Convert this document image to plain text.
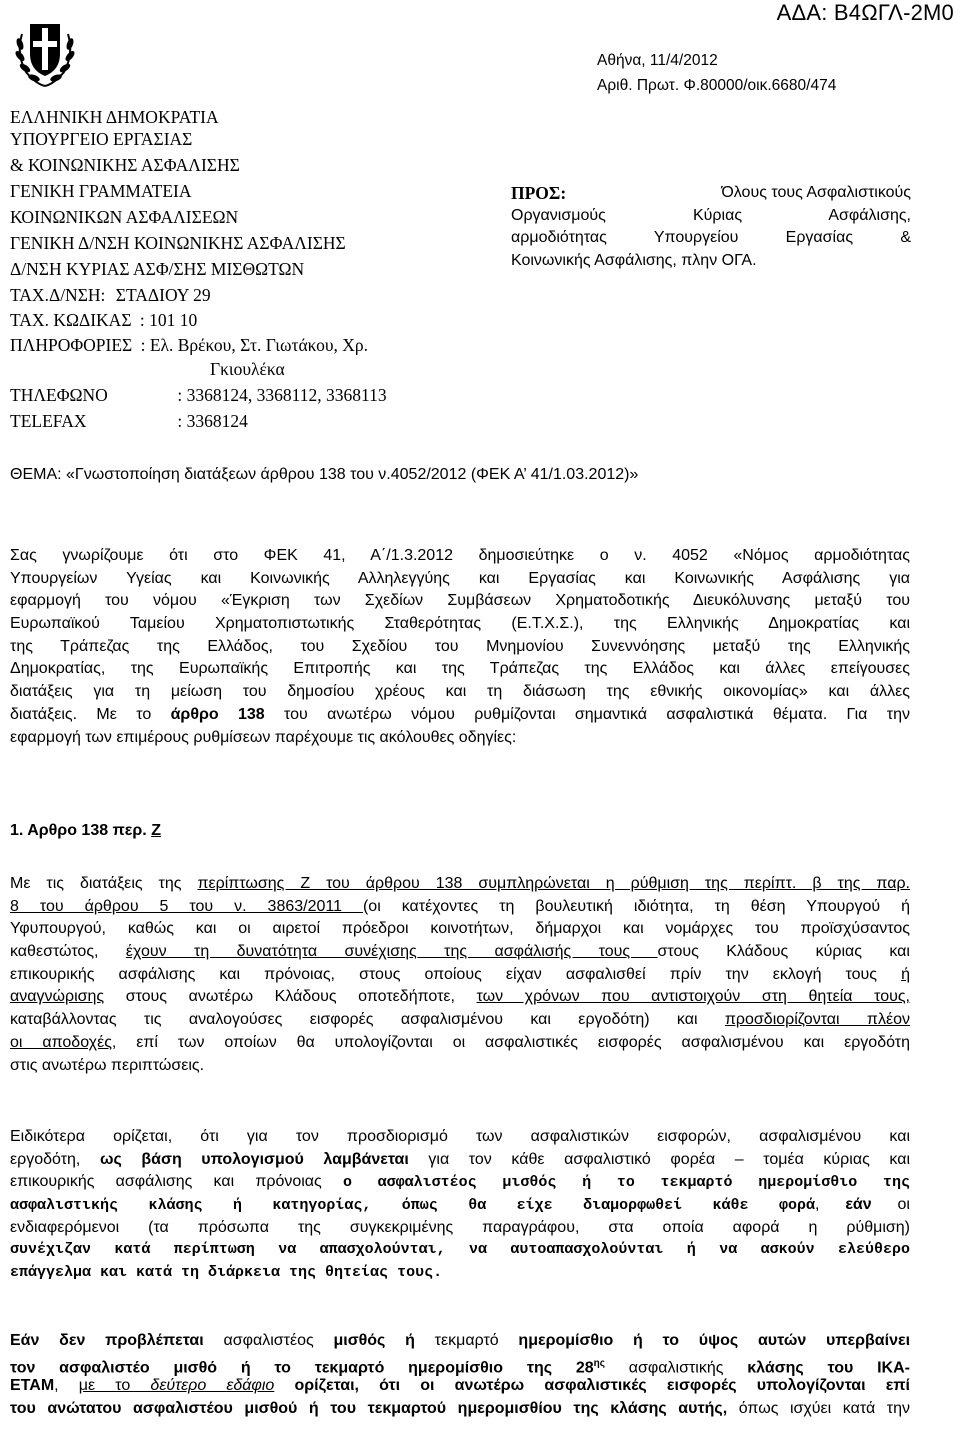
ΑΔΑ: Β4ΩΓΛ-2Μ0
ΕΛΛΗΝΙΚΗ ΔΗΜΟΚΡΑΤΙΑ
ΥΠΟΥΡΓΕΙΟ ΕΡΓΑΣΙΑΣ
& ΚΟΙΝΩΝΙΚΗΣ ΑΣΦΑΛΙΣΗΣ
ΓΕΝΙΚΗ ΓΡΑΜΜΑΤΕΙΑ
ΚΟΙΝΩΝΙΚΩΝ ΑΣΦΑΛΙΣΕΩΝ
ΓΕΝΙΚΗ Δ/ΝΣΗ ΚΟΙΝΩΝΙΚΗΣ ΑΣΦΑΛΙΣΗΣ
Δ/ΝΣΗ ΚΥΡΙΑΣ ΑΣΦ/ΣΗΣ ΜΙΣΘΩΤΩΝ
ΤΑΧ.Δ/ΝΣΗ: ΣΤΑΔΙΟΥ 29
ΤΑΧ. ΚΩΔΙΚΑΣ : 101 10
ΠΛΗΡΟΦΟΡΙΕΣ : Ελ. Βρέκου, Στ. Γιωτάκου, Χρ.
Γκιουλέκα
ΤΗΛΕΦΩΝΟ	: 3368124, 3368112, 3368113
TELEFAX	: 3368124
Αθήνα, 11/4/2012
Αριθ. Πρωτ. Φ.80000/οικ.6680/474
ΠΡΟΣ:	Όλους τους Ασφαλιστικούς
Οργανισμούς Κύριας Ασφάλισης,
αρμοδιότητας Υπουργείου Εργασίας &
Κοινωνικής Ασφάλισης, πλην ΟΓΑ.
ΘΕΜΑ: «Γνωστοποίηση διατάξεων άρθρου 138 του ν.4052/2012 (ΦΕΚ Α’ 41/1.03.2012)»
Σας γνωρίζουμε ότι στο ΦΕΚ 41, Α΄/1.3.2012 δημοσιεύτηκε ο ν. 4052 «Νόμος αρμοδιότητας
Υπουργείων Υγείας και Κοινωνικής Αλληλεγγύης και Εργασίας και Κοινωνικής Ασφάλισης για
εφαρμογή του νόμου «Έγκριση των Σχεδίων Συμβάσεων Χρηματοδοτικής Διευκόλυνσης μεταξύ του
Ευρωπαϊκού Ταμείου Χρηματοπιστωτικής Σταθερότητας (Ε.Τ.Χ.Σ.), της Ελληνικής Δημοκρατίας και
της Τράπεζας της Ελλάδος, του Σχεδίου του Μνημονίου Συνεννόησης μεταξύ της Ελληνικής
Δημοκρατίας, της Ευρωπαϊκής Επιτροπής και της Τράπεζας της Ελλάδος και άλλες επείγουσες
διατάξεις για τη μείωση του δημοσίου χρέους και τη διάσωση της εθνικής οικονομίας» και άλλες
διατάξεις. Με το άρθρο 138 του ανωτέρω νόμου ρυθμίζονται σημαντικά ασφαλιστικά θέματα. Για την
εφαρμογή των επιμέρους ρυθμίσεων παρέχουμε τις ακόλουθες οδηγίες:
1. Αρθρο 138 περ. Ζ
Με τις διατάξεις της περίπτωσης Ζ του άρθρου 138 συμπληρώνεται η ρύθμιση της περίπτ. β της παρ.
8 του άρθρου 5 του ν. 3863/2011 (οι κατέχοντες τη βουλευτική ιδιότητα, τη θέση Υπουργού ή
Υφυπουργού, καθώς και οι αιρετοί πρόεδροι κοινοτήτων, δήμαρχοι και νομάρχες του προϊσχύσαντος
καθεστώτος, έχουν τη δυνατότητα συνέχισης της ασφάλισής τους στους Κλάδους κύριας και
επικουρικής ασφάλισης και πρόνοιας, στους οποίους είχαν ασφαλισθεί πρίν την εκλογή τους ή
αναγνώρισης στους ανωτέρω Κλάδους οποτεδήποτε, των χρόνων που αντιστοιχούν στη θητεία τους,
καταβάλλοντας τις αναλογούσες εισφορές ασφαλισμένου και εργοδότη) και προσδιορίζονται πλέον
οι αποδοχές, επί των οποίων θα υπολογίζονται οι ασφαλιστικές εισφορές ασφαλισμένου και εργοδότη
στις ανωτέρω περιπτώσεις.
Ειδικότερα ορίζεται, ότι για τον προσδιορισμό των ασφαλιστικών εισφορών, ασφαλισμένου και
εργοδότη, ως βάση υπολογισμού λαμβάνεται για τον κάθε ασφαλιστικό φορέα – τομέα κύριας και
επικουρικής ασφάλισης και πρόνοιας ο ασφαλιστέος μισθός ή το τεκμαρτό ημερομίσθιο της
ασφαλιστικής κλάσης ή κατηγορίας, όπως θα είχε διαμορφωθεί κάθε φορά, εάν οι
ενδιαφερόμενοι (τα πρόσωπα της συγκεκριμένης παραγράφου, στα οποία αφορά η ρύθμιση)
συνέχιζαν κατά περίπτωση να απασχολούνται, να αυτοαπασχολούνται ή να ασκούν ελεύθερο
επάγγελμα και κατά τη διάρκεια της θητείας τους.
Εάν δεν προβλέπεται ασφαλιστέος μισθός ή τεκμαρτό ημερομίσθιο ή το ύψος αυτών υπερβαίνει
τον ασφαλιστέο μισθό ή το τεκμαρτό ημερομίσθιο της $28^{\eta\varsigma}$ ασφαλιστικής κλάσης του ΙΚΑ-
ΕΤΑΜ, με το δεύτερο εδάφιο ορίζεται, ότι οι ανωτέρω ασφαλιστικές εισφορές υπολογίζονται επί
του ανώτατου ασφαλιστέου μισθού ή του τεκμαρτού ημερομισθίου της κλάσης αυτής, όπως ισχύει κατά την
